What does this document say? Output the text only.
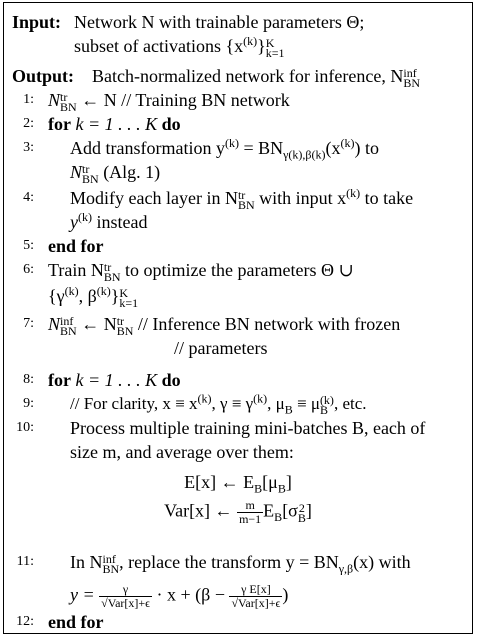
Input: Network N with trainable parameters Θ;
subset of activations $\{x^{(k)}\}$ K
k=1
Output: Batch-normalized network for inference, N inf
BN
1: N tr
BN ← N // Training BN network
2: for k = 1 . . . K do
3: Add transformation $y^{(k)} = BN_{\gamma(k),\beta(k)}(x^{(k)})$ to
N tr
BN (Alg. 1)
4: Modify each layer in N tr
BN with input $x^{(k)}$ to take
$y^{(k)}$ instead
5: end for
6: Train N tr
BN to optimize the parameters Θ ∪
{$\gamma^{(k)}$, $\beta^{(k)}$} K
k=1
7: N inf
BN ← N tr
BN // Inference BN network with frozen
// parameters
8: for k = 1 . . . K do
9: // For clarity, $x \equiv x^{(k)}$, $\gamma \equiv \gamma^{(k)}$, $\mu_B \equiv \mu$ (k)
B , etc.
10: Process multiple training mini-batches B, each of
size m, and average over them:
E[x] ← $E_B[\mu_B]$
Var[x] ← $\frac{m}{m-1} E_B[\sigma$ 2
B ]
11: In N inf
BN , replace the transform $y = BN_{\gamma,\beta}(x)$ with
$y = \frac{\gamma}{\text{√Var[x]+ϵ}} \cdot x + (\beta - \frac{\text{γ E[x]}}{\text{√Var[x]+ϵ}}$ )
12: end for
